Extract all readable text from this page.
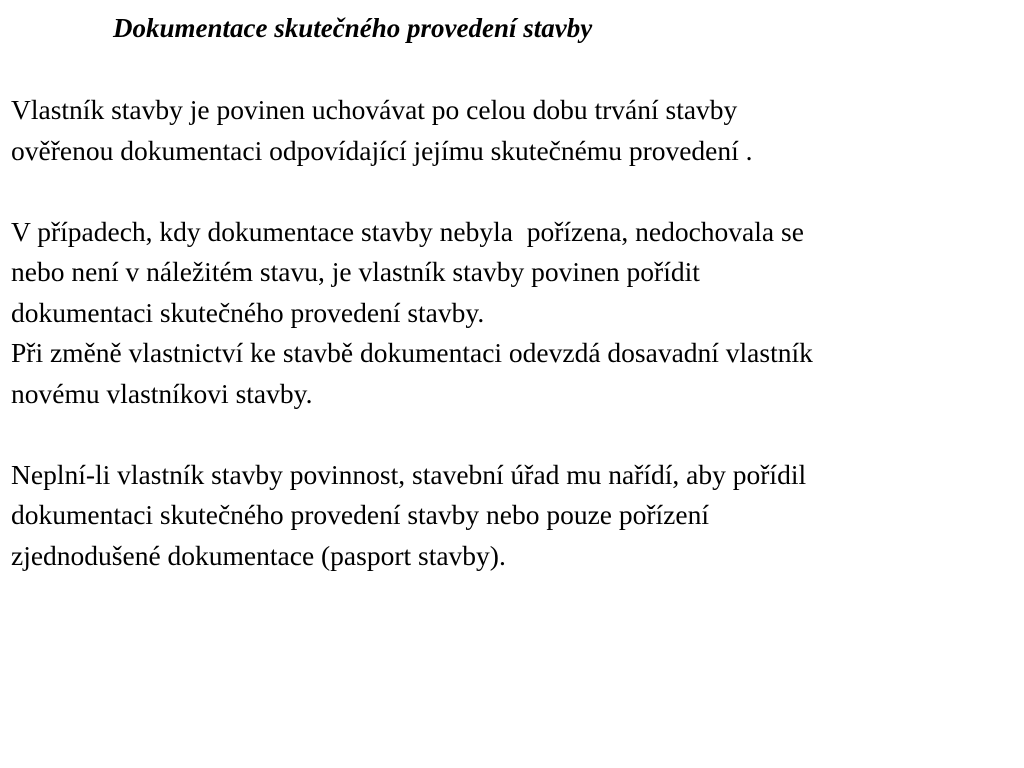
Dokumentace skutečného provedení stavby
Vlastník stavby je povinen uchovávat po celou dobu trvání stavby
ověřenou dokumentaci odpovídající jejímu skutečnému provedení .
V případech, kdy dokumentace stavby nebyla  pořízena, nedochovala se
nebo není v náležitém stavu, je vlastník stavby povinen pořídit
dokumentaci skutečného provedení stavby.
Při změně vlastnictví ke stavbě dokumentaci odevzdá dosavadní vlastník
novému vlastníkovi stavby.
Neplní-li vlastník stavby povinnost, stavební úřad mu nařídí, aby pořídil
dokumentaci skutečného provedení stavby nebo pouze pořízení
zjednodušené dokumentace (pasport stavby).
